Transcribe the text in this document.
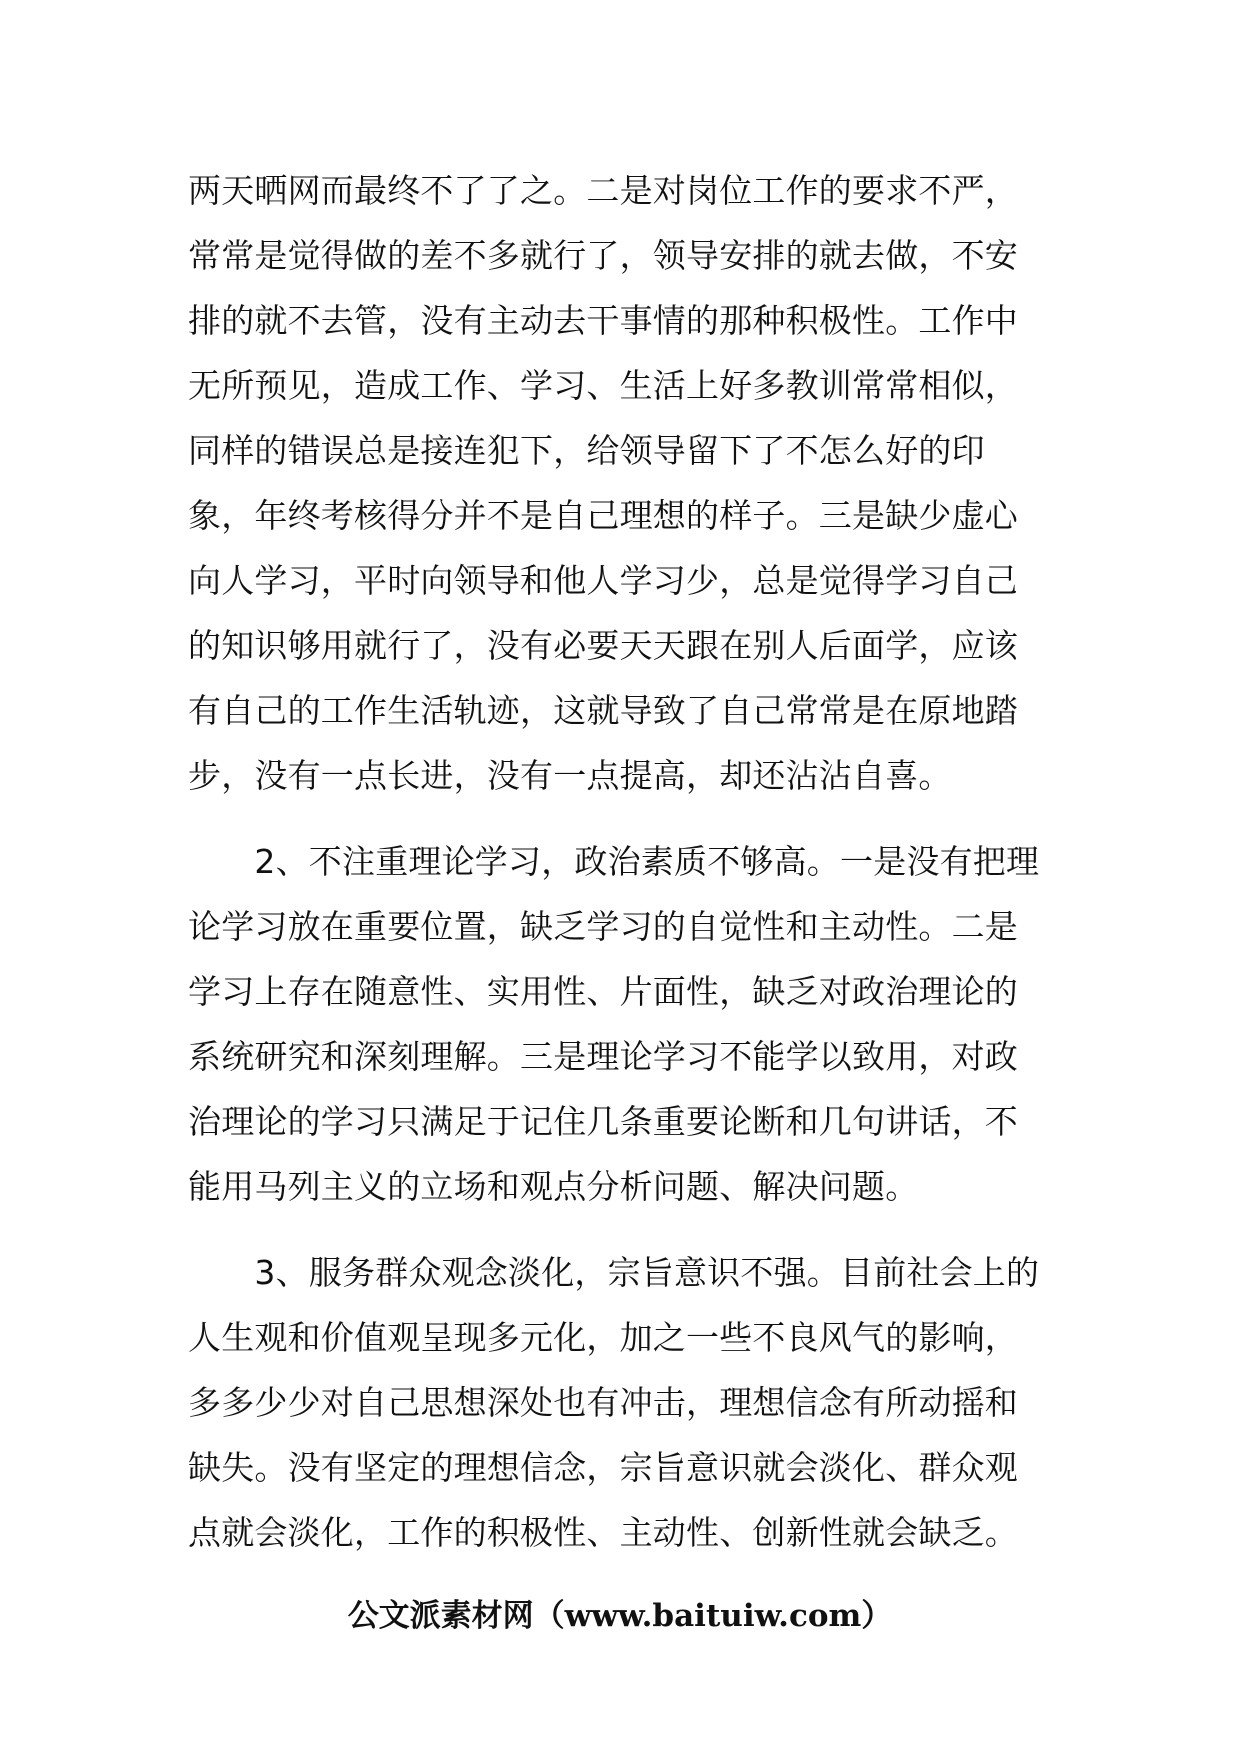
两天晒网而最终不了了之。二是对岗位工作的要求不严，
常常是觉得做的差不多就行了，领导安排的就去做，不安
排的就不去管，没有主动去干事情的那种积极性。工作中
无所预见，造成工作、学习、生活上好多教训常常相似，
同样的错误总是接连犯下，给领导留下了不怎么好的印
象，年终考核得分并不是自己理想的样子。三是缺少虚心
向人学习，平时向领导和他人学习少，总是觉得学习自己
的知识够用就行了，没有必要天天跟在别人后面学，应该
有自己的工作生活轨迹，这就导致了自己常常是在原地踏
步，没有一点长进，没有一点提高，却还沾沾自喜。
　　2、不注重理论学习，政治素质不够高。一是没有把理
论学习放在重要位置，缺乏学习的自觉性和主动性。二是
学习上存在随意性、实用性、片面性，缺乏对政治理论的
系统研究和深刻理解。三是理论学习不能学以致用，对政
治理论的学习只满足于记住几条重要论断和几句讲话，不
能用马列主义的立场和观点分析问题、解决问题。
　　3、服务群众观念淡化，宗旨意识不强。目前社会上的
人生观和价值观呈现多元化，加之一些不良风气的影响，
多多少少对自己思想深处也有冲击，理想信念有所动摇和
缺失。没有坚定的理想信念，宗旨意识就会淡化、群众观
点就会淡化，工作的积极性、主动性、创新性就会缺乏。
公文派素材网（www.baituiw.com）
